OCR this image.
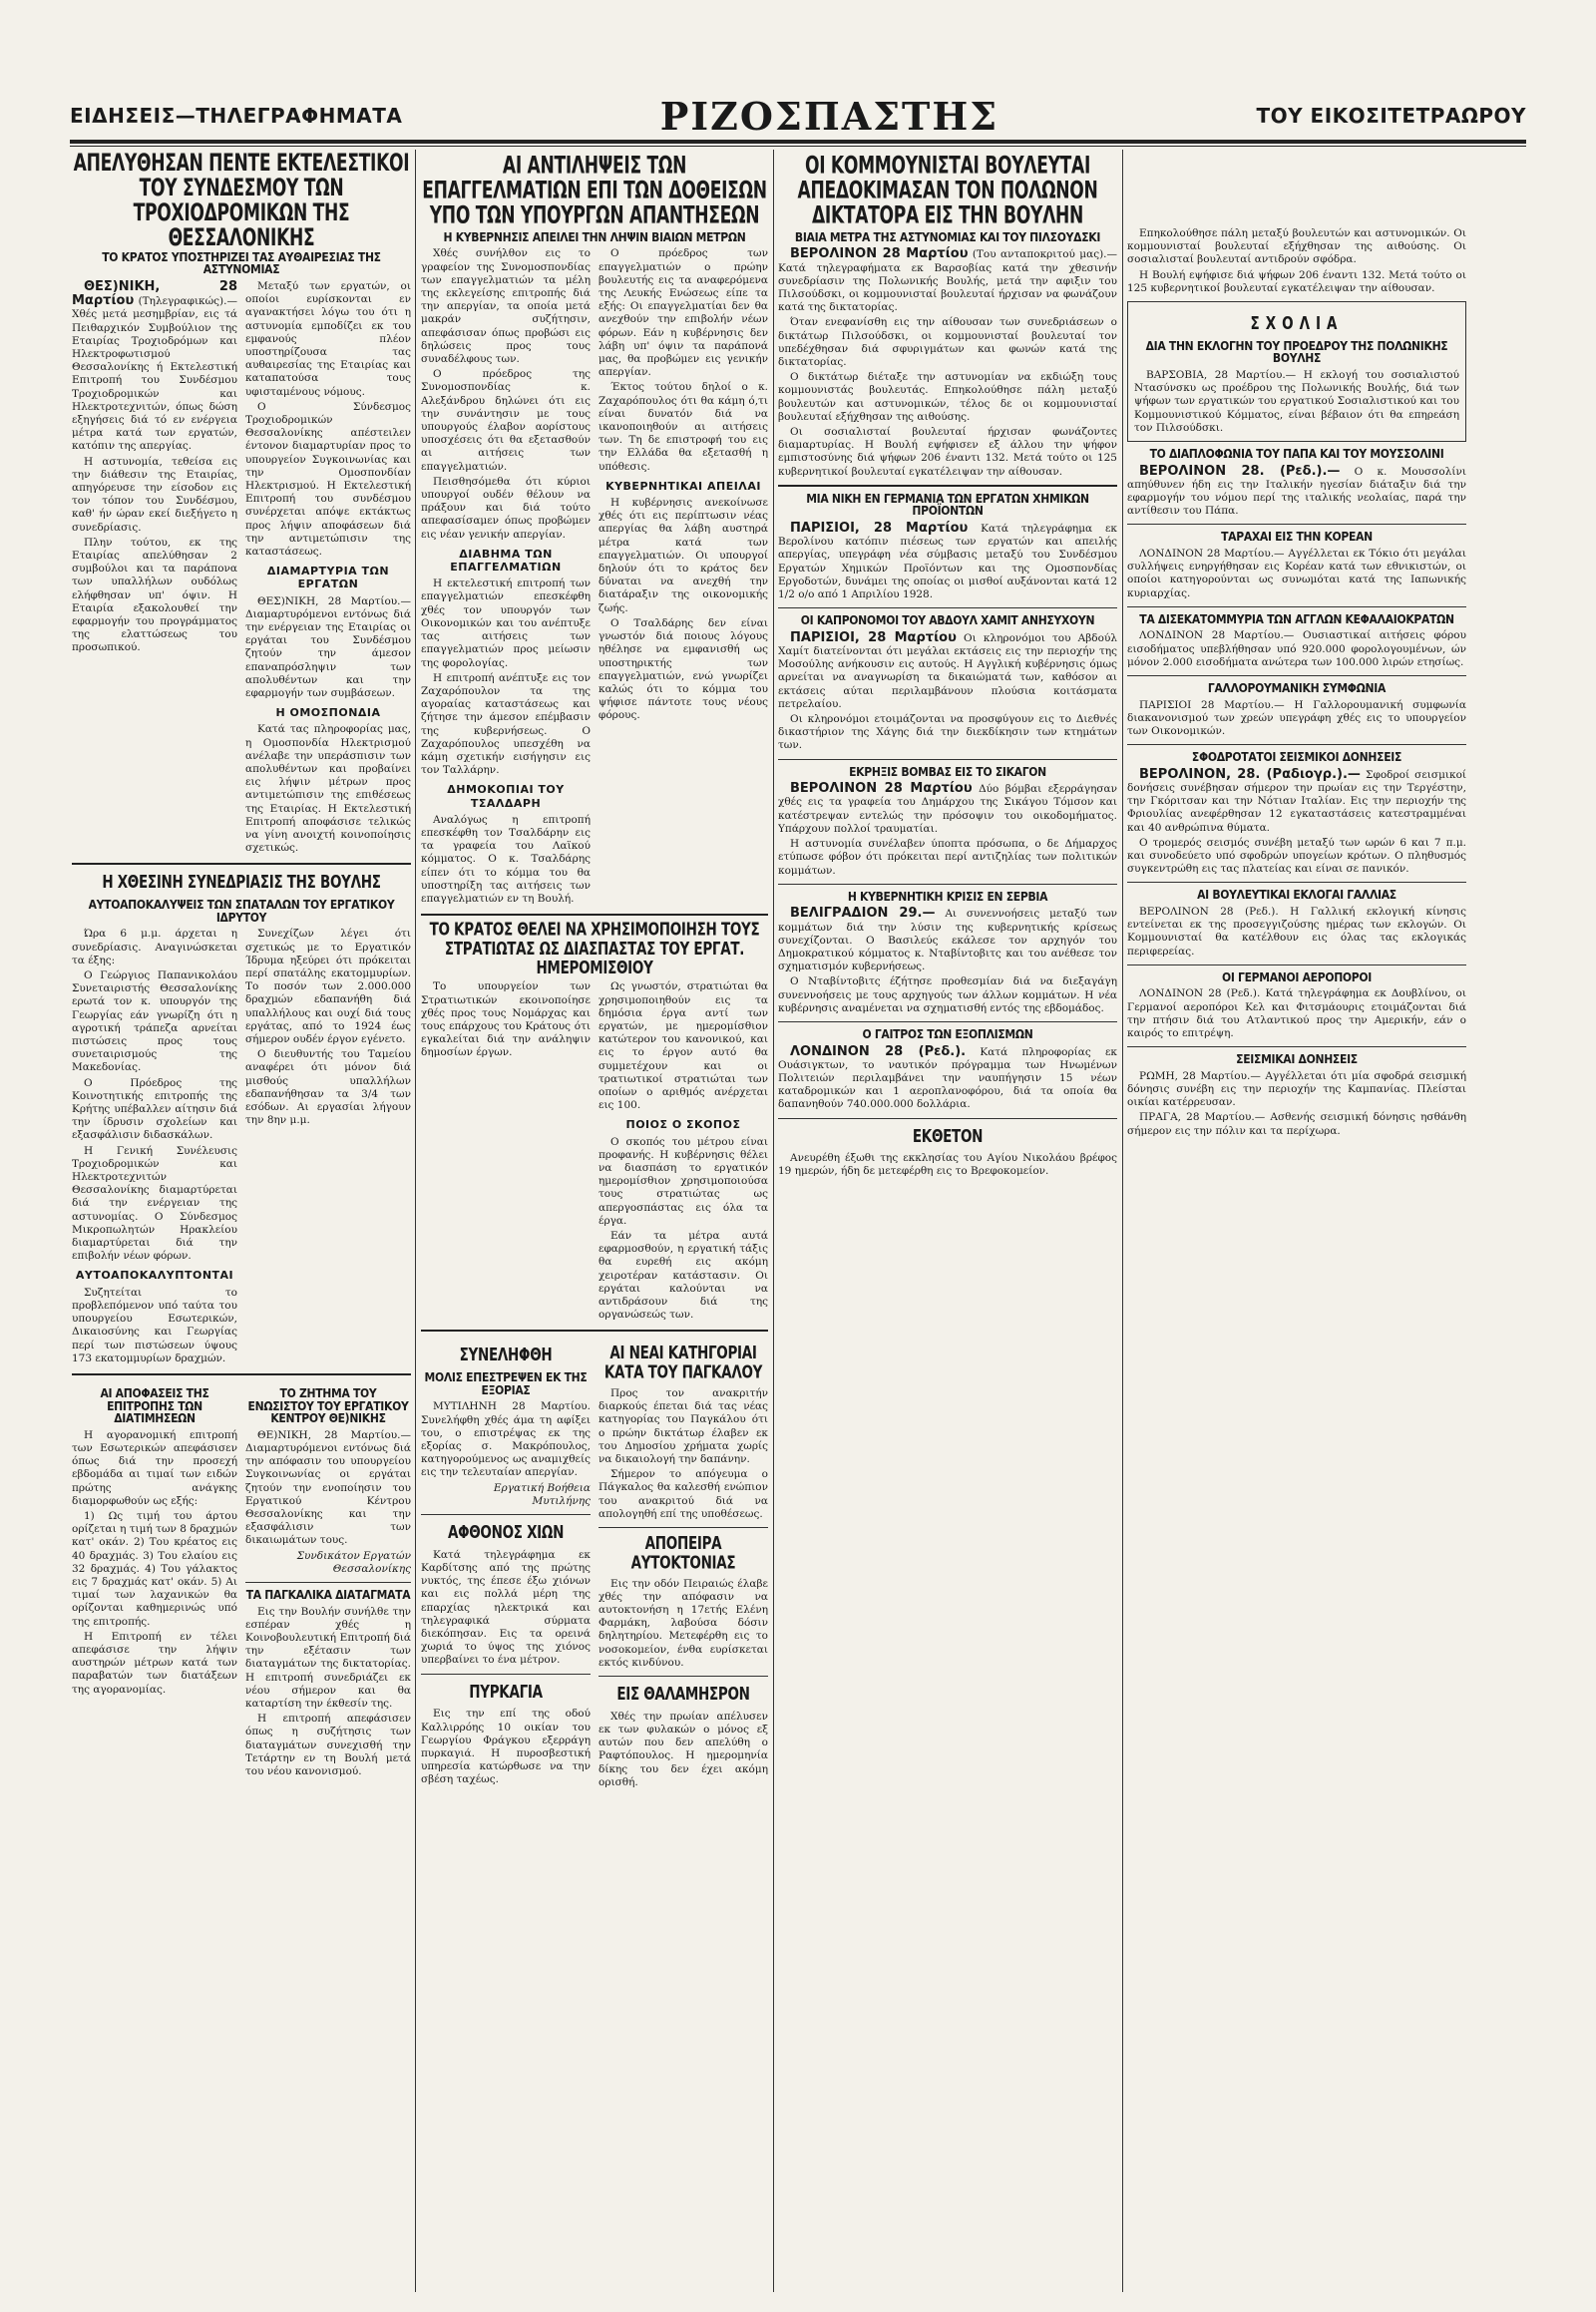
ΕΙΔΗΣΕΙΣ—ΤΗΛΕΓΡΑΦΗΜΑΤΑ	ΡΙΖΟΣΠΑΣΤΗΣ	ΤΟΥ ΕΙΚΟΣΙΤΕΤΡΑΩΡΟΥ
ΑΠΕΛΥΘΗΣΑΝ ΠΕΝΤΕ ΕΚΤΕΛΕΣΤΙΚΟΙ ΤΟΥ ΣΥΝΔΕΣΜΟΥ ΤΩΝ ΤΡΟΧΙΟΔΡΟΜΙΚΩΝ ΤΗΣ ΘΕΣΣΑΛΟΝΙΚΗΣ
ΤΟ ΚΡΑΤΟΣ ΥΠΟΣΤΗΡΙΖΕΙ ΤΑΣ ΑΥΘΑΙΡΕΣΙΑΣ ΤΗΣ ΑΣΤΥΝΟΜΙΑΣ

ΘΕΣ)ΝΙΚΗ, 28 Μαρτίου (Τηλεγραφικώς).— Χθές μετά μεσημβρίαν, εις τά Πειθαρχικόν Συμβούλιον της Εταιρίας Τροχιοδρόμων και Ηλεκτροφωτισμού Θεσσαλονίκης ή Εκτελεστική Επιτροπή του Συνδέσμου Τροχιοδρομικών και Ηλεκτροτεχνιτών, όπως δώση εξηγήσεις διά τό εν ενέργεια μέτρα κατά των εργατών, κατόπιν της απεργίας.

Η αστυνομία, τεθείσα εις την διάθεσιν της Εταιρίας, απηγόρευσε την είσοδον εις τον τόπον του Συνδέσμου, καθ' ήν ώραν εκεί διεξήγετο η συνεδρίασις.

Πλην τούτου, εκ της Εταιρίας απελύθησαν 2 συμβούλοι και τα παράπονα των υπαλλήλων ουδόλως ελήφθησαν υπ' όψιν. Η Εταιρία εξακολουθεί την εφαρμογήν του προγράμματος της ελαττώσεως του προσωπικού.

Μεταξύ των εργατών, οι οποίοι ευρίσκονται εν αγανακτήσει λόγω του ότι η αστυνομία εμποδίζει εκ του εμφανούς πλέον υποστηρίζουσα τας αυθαιρεσίας της Εταιρίας και καταπατούσα τους υφισταμένους νόμους.

Ο Σύνδεσμος Τροχιοδρομικών Θεσσαλονίκης απέστειλεν έντονον διαμαρτυρίαν προς το υπουργείον Συγκοινωνίας και την Ομοσπονδίαν Ηλεκτρισμού. Η Εκτελεστική Επιτροπή του συνδέσμου συνέρχεται απόψε εκτάκτως προς λήψιν αποφάσεων διά την αντιμετώπισιν της καταστάσεως.

ΔΙΑΜΑΡΤΥΡΙΑ ΤΩΝ ΕΡΓΑΤΩΝ

ΘΕΣ)ΝΙΚΗ, 28 Μαρτίου.— Διαμαρτυρόμενοι εντόνως διά την ενέργειαν της Εταιρίας οι εργάται του Συνδέσμου ζητούν την άμεσον επαναπρόσληψιν των απολυθέντων και την εφαρμογήν των συμβάσεων.

Η ΟΜΟΣΠΟΝΔΙΑ

Κατά τας πληροφορίας μας, η Ομοσπονδία Ηλεκτρισμού ανέλαβε την υπεράσπισιν των απολυθέντων και προβαίνει εις λήψιν μέτρων προς αντιμετώπισιν της επιθέσεως της Εταιρίας. Η Εκτελεστική Επιτροπή αποφάσισε τελικώς να γίνη ανοιχτή κοινοποίησις σχετικώς.

Η ΧΘΕΣΙΝΗ ΣΥΝΕΔΡΙΑΣΙΣ ΤΗΣ ΒΟΥΛΗΣ
ΑΥΤΟΑΠΟΚΑΛΥΨΕΙΣ ΤΩΝ ΣΠΑΤΑΛΩΝ ΤΟΥ ΕΡΓΑΤΙΚΟΥ ΙΔΡΥΤΟΥ

Ώρα 6 μ.μ. άρχεται η συνεδρίασις. Αναγινώσκεται τα έξης:

Ο Γεώργιος Παπανικολάου Συνεταιριστής Θεσσαλονίκης ερωτά τον κ. υπουργόν της Γεωργίας εάν γνωρίζη ότι η αγροτική τράπεζα αρνείται πιστώσεις προς τους συνεταιρισμούς της Μακεδονίας.

Ο Πρόεδρος της Κοινοτητικής επιτροπής της Κρήτης υπέβαλλεν αίτησιν διά την ίδρυσιν σχολείων και εξασφάλισιν διδασκάλων.

Η Γενική Συνέλευσις Τροχιοδρομικών και Ηλεκτροτεχνιτών Θεσσαλονίκης διαμαρτύρεται διά την ενέργειαν της αστυνομίας. Ο Σύνδεσμος Μικροπωλητών Ηρακλείου διαμαρτύρεται διά την επιβολήν νέων φόρων.

ΑΥΤΟΑΠΟΚΑΛΥΠΤΟΝΤΑΙ

Συζητείται το προβλεπόμενον υπό ταύτα του υπουργείου Εσωτερικών, Δικαιοσύνης και Γεωργίας περί των πιστώσεων ύψους 173 εκατομμυρίων δραχμών.

Συνεχίζων λέγει ότι σχετικώς με το Εργατικόν Ίδρυμα ηξεύρει ότι πρόκειται περί σπατάλης εκατομμυρίων. Το ποσόν των 2.000.000 δραχμών εδαπανήθη διά υπαλλήλους και ουχί διά τους εργάτας, από το 1924 έως σήμερον ουδέν έργον εγένετο.

Ο διευθυντής του Ταμείου αναφέρει ότι μόνον διά μισθούς υπαλλήλων εδαπανήθησαν τα 3/4 των εσόδων. Αι εργασίαι λήγουν την 8ην μ.μ.

ΑΙ ΑΠΟΦΑΣΕΙΣ ΤΗΣ ΕΠΙΤΡΟΠΗΣ ΤΩΝ ΔΙΑΤΙΜΗΣΕΩΝ

Η αγορανομική επιτροπή των Εσωτερικών απεφάσισεν όπως διά την προσεχή εβδομάδα αι τιμαί των ειδών πρώτης ανάγκης διαμορφωθούν ως εξής:

1) Ως τιμή του άρτου ορίζεται η τιμή των 8 δραχμών κατ' οκάν. 2) Του κρέατος εις 40 δραχμάς. 3) Του ελαίου εις 32 δραχμάς. 4) Του γάλακτος εις 7 δραχμάς κατ' οκάν. 5) Αι τιμαί των λαχανικών θα ορίζονται καθημερινώς υπό της επιτροπής.

Η Επιτροπή εν τέλει απεφάσισε την λήψιν αυστηρών μέτρων κατά των παραβατών των διατάξεων της αγορανομίας.

ΤΟ ΖΗΤΗΜΑ ΤΟΥ ΕΝΩΣΙΣΤΟΥ ΤΟΥ ΕΡΓΑΤΙΚΟΥ ΚΕΝΤΡΟΥ ΘΕ)ΝΙΚΗΣ

ΘΕ)ΝΙΚΗ, 28 Μαρτίου.— Διαμαρτυρόμενοι εντόνως διά την απόφασιν του υπουργείου Συγκοινωνίας οι εργάται ζητούν την ενοποίησιν του Εργατικού Κέντρου Θεσσαλονίκης και την εξασφάλισιν των δικαιωμάτων τους.

Συνδικάτον Εργατών Θεσσαλονίκης

ΤΑ ΠΑΓΚΑΛΙΚΑ ΔΙΑΤΑΓΜΑΤΑ

Εις την Βουλήν συνήλθε την εσπέραν χθές η Κοινοβουλευτική Επιτροπή διά την εξέτασιν των διαταγμάτων της δικτατορίας. Η επιτροπή συνεδριάζει εκ νέου σήμερον και θα καταρτίση την έκθεσίν της.

Η επιτροπή απεφάσισεν όπως η συζήτησις των διαταγμάτων συνεχισθή την Τετάρτην εν τη Βουλή μετά του νέου κανονισμού.

ΑΙ ΑΝΤΙΛΗΨΕΙΣ ΤΩΝ ΕΠΑΓΓΕΛΜΑΤΙΩΝ ΕΠΙ ΤΩΝ ΔΟΘΕΙΣΩΝ ΥΠΟ ΤΩΝ ΥΠΟΥΡΓΩΝ ΑΠΑΝΤΗΣΕΩΝ
Η ΚΥΒΕΡΝΗΣΙΣ ΑΠΕΙΛΕΙ ΤΗΝ ΛΗΨΙΝ ΒΙΑΙΩΝ ΜΕΤΡΩΝ

Χθές συνήλθον εις το γραφείον της Συνομοσπονδίας των επαγγελματιών τα μέλη της εκλεγείσης επιτροπής διά την απεργίαν, τα οποία μετά μακράν συζήτησιν, απεφάσισαν όπως προβώσι εις δηλώσεις προς τους συναδέλφους των.

Ο πρόεδρος της Συνομοσπονδίας κ. Αλεξάνδρου δηλώνει ότι εις την συνάντησιν με τους υπουργούς έλαβον αορίστους υποσχέσεις ότι θα εξετασθούν αι αιτήσεις των επαγγελματιών.

Πεισθησόμεθα ότι κύριοι υπουργοί ουδέν θέλουν να πράξουν και διά τούτο απεφασίσαμεν όπως προβώμεν εις νέαν γενικήν απεργίαν.

ΔΙΑΒΗΜΑ ΤΩΝ ΕΠΑΓΓΕΛΜΑΤΙΩΝ

Η εκτελεστική επιτροπή των επαγγελματιών επεσκέφθη χθές τον υπουργόν των Οικονομικών και του ανέπτυξε τας αιτήσεις των επαγγελματιών προς μείωσιν της φορολογίας.

Η επιτροπή ανέπτυξε εις τον Ζαχαρόπουλον τα της αγοραίας καταστάσεως και ζήτησε την άμεσον επέμβασιν της κυβερνήσεως. Ο Ζαχαρόπουλος υπεσχέθη να κάμη σχετικήν εισήγησιν εις τον Ταλλάρην.

ΔΗΜΟΚΟΠΙΑΙ ΤΟΥ ΤΣΑΛΔΑΡΗ

Αναλόγως η επιτροπή επεσκέφθη τον Τσαλδάρην εις τα γραφεία του Λαϊκού κόμματος. Ο κ. Τσαλδάρης είπεν ότι το κόμμα του θα υποστηρίξη τας αιτήσεις των επαγγελματιών εν τη Βουλή.

Ο πρόεδρος των επαγγελματιών ο πρώην βουλευτής εις τα αναφερόμενα της Λευκής Ενώσεως είπε τα εξής: Οι επαγγελματίαι δεν θα ανεχθούν την επιβολήν νέων φόρων. Εάν η κυβέρνησις δεν λάβη υπ' όψιν τα παράπονά μας, θα προβώμεν εις γενικήν απεργίαν.

Έκτος τούτου δηλοί ο κ. Ζαχαρόπουλος ότι θα κάμη ό,τι είναι δυνατόν διά να ικανοποιηθούν αι αιτήσεις των. Τη δε επιστροφή του εις την Ελλάδα θα εξετασθή η υπόθεσις.

ΚΥΒΕΡΝΗΤΙΚΑΙ ΑΠΕΙΛΑΙ

Η κυβέρνησις ανεκοίνωσε χθές ότι εις περίπτωσιν νέας απεργίας θα λάβη αυστηρά μέτρα κατά των επαγγελματιών. Οι υπουργοί δηλούν ότι το κράτος δεν δύναται να ανεχθή την διατάραξιν της οικονομικής ζωής.

Ο Τσαλδάρης δεν είναι γνωστόν διά ποιους λόγους ηθέλησε να εμφανισθή ως υποστηρικτής των επαγγελματιών, ενώ γνωρίζει καλώς ότι το κόμμα του ψήφισε πάντοτε τους νέους φόρους.

ΤΟ ΚΡΑΤΟΣ ΘΕΛΕΙ ΝΑ ΧΡΗΣΙΜΟΠΟΙΗΣΗ ΤΟΥΣ ΣΤΡΑΤΙΩΤΑΣ ΩΣ ΔΙΑΣΠΑΣΤΑΣ ΤΟΥ ΕΡΓΑΤ. ΗΜΕΡΟΜΙΣΘΙΟΥ

Το υπουργείον των Στρατιωτικών εκοινοποίησε χθές προς τους Νομάρχας και τους επάρχους του Κράτους ότι εγκαλείται διά την ανάληψιν δημοσίων έργων.

Ως γνωστόν, στρατιώται θα χρησιμοποιηθούν εις τα δημόσια έργα αντί των εργατών, με ημερομίσθιον κατώτερον του κανονικού, και εις το έργον αυτό θα συμμετέχουν και οι τρατιωτικοί στρατιώται των οποίων ο αριθμός ανέρχεται εις 100.

ΠΟΙΟΣ Ο ΣΚΟΠΟΣ

Ο σκοπός του μέτρου είναι προφανής. Η κυβέρνησις θέλει να διασπάση το εργατικόν ημερομίσθιον χρησιμοποιούσα τους στρατιώτας ως απεργοσπάστας εις όλα τα έργα.

Εάν τα μέτρα αυτά εφαρμοσθούν, η εργατική τάξις θα ευρεθή εις ακόμη χειροτέραν κατάστασιν. Οι εργάται καλούνται να αντιδράσουν διά της οργανώσεώς των.

ΣΥΝΕΛΗΦΘΗ
ΜΟΛΙΣ ΕΠΕΣΤΡΕΨΕΝ ΕΚ ΤΗΣ ΕΞΟΡΙΑΣ

ΜΥΤΙΛΗΝΗ 28 Μαρτίου. Συνελήφθη χθές άμα τη αφίξει του, ο επιστρέψας εκ της εξορίας σ. Μακρόπουλος, κατηγορούμενος ως αναμιχθείς εις την τελευταίαν απεργίαν.

Εργατική Βοήθεια Μυτιλήνης

ΑΦΘΟΝΟΣ ΧΙΩΝ

Κατά τηλεγράφημα εκ Καρδίτσης από της πρώτης νυκτός, της έπεσε έξω χιόνων και εις πολλά μέρη της επαρχίας ηλεκτρικά και τηλεγραφικά σύρματα διεκόπησαν. Εις τα ορεινά χωριά το ύψος της χιόνος υπερβαίνει το ένα μέτρον.

ΠΥΡΚΑΓΙΑ

Εις την επί της οδού Καλλιρρόης 10 οικίαν του Γεωργίου Φράγκου εξερράγη πυρκαγιά. Η πυροσβεστική υπηρεσία κατώρθωσε να την σβέση ταχέως.

ΑΙ ΝΕΑΙ ΚΑΤΗΓΟΡΙΑΙ ΚΑΤΑ ΤΟΥ ΠΑΓΚΑΛΟΥ

Προς τον ανακριτήν διαρκούς έπεται διά τας νέας κατηγορίας του Παγκάλου ότι ο πρώην δικτάτωρ έλαβεν εκ του Δημοσίου χρήματα χωρίς να δικαιολογή την δαπάνην.

Σήμερον το απόγευμα ο Πάγκαλος θα καλεσθή ενώπιον του ανακριτού διά να απολογηθή επί της υποθέσεως.

ΑΠΟΠΕΙΡΑ ΑΥΤΟΚΤΟΝΙΑΣ

Εις την οδόν Πειραιώς έλαβε χθές την απόφασιν να αυτοκτονήση η 17ετής Ελένη Φαρμάκη, λαβούσα δόσιν δηλητηρίου. Μετεφέρθη εις το νοσοκομείον, ένθα ευρίσκεται εκτός κινδύνου.

ΕΙΣ ΘΑΛΑΜΗΣΡΟΝ

Χθές την πρωίαν απέλυσεν εκ των φυλακών ο μόνος εξ αυτών που δεν απελύθη ο Ραφτόπουλος. Η ημερομηνία δίκης του δεν έχει ακόμη ορισθή.

ΟΙ ΚΟΜΜΟΥΝΙΣΤΑΙ ΒΟΥΛΕΥΤΑΙ ΑΠΕΔΟΚΙΜΑΣΑΝ ΤΟΝ ΠΟΛΩΝΟΝ ΔΙΚΤΑΤΟΡΑ ΕΙΣ ΤΗΝ ΒΟΥΛΗΝ
ΒΙΑΙΑ ΜΕΤΡΑ ΤΗΣ ΑΣΤΥΝΟΜΙΑΣ ΚΑΙ ΤΟΥ ΠΙΛΣΟΥΔΣΚΙ

ΒΕΡΟΛΙΝΟΝ 28 Μαρτίου (Του ανταποκριτού μας).— Κατά τηλεγραφήματα εκ Βαρσοβίας κατά την χθεσινήν συνεδρίασιν της Πολωνικής Βουλής, μετά την αφιξιν του Πιλσούδσκι, οι κομμουνισταί βουλευταί ήρχισαν να φωνάζουν κατά της δικτατορίας.

Όταν ενεφανίσθη εις την αίθουσαν των συνεδριάσεων ο δικτάτωρ Πιλσούδσκι, οι κομμουνισταί βουλευταί τον υπεδέχθησαν διά σφυριγμάτων και φωνών κατά της δικτατορίας.

Ο δικτάτωρ διέταξε την αστυνομίαν να εκδιώξη τους κομμουνιστάς βουλευτάς. Επηκολούθησε πάλη μεταξύ βουλευτών και αστυνομικών, τέλος δε οι κομμουνισταί βουλευταί εξήχθησαν της αιθούσης.

Οι σοσιαλισταί βουλευταί ήρχισαν φωνάζοντες διαμαρτυρίας. Η Βουλή εψήφισεν εξ άλλου την ψήφον εμπιστοσύνης διά ψήφων 206 έναντι 132. Μετά τούτο οι 125 κυβερνητικοί βουλευταί εγκατέλειψαν την αίθουσαν.

ΜΙΑ ΝΙΚΗ ΕΝ ΓΕΡΜΑΝΙΑ ΤΩΝ ΕΡΓΑΤΩΝ ΧΗΜΙΚΩΝ ΠΡΟΪΟΝΤΩΝ

ΠΑΡΙΣΙΟΙ, 28 Μαρτίου Κατά τηλεγράφημα εκ Βερολίνου κατόπιν πιέσεως των εργατών και απειλής απεργίας, υπεγράφη νέα σύμβασις μεταξύ του Συνδέσμου Εργατών Χημικών Προϊόντων και της Ομοσπονδίας Εργοδοτών, δυνάμει της οποίας οι μισθοί αυξάνονται κατά 12 1/2 ο/ο από 1 Απριλίου 1928.

ΟΙ ΚΑΠΡΟΝΟΜΟΙ ΤΟΥ ΑΒΔΟΥΛ ΧΑΜΙΤ ΑΝΗΣΥΧΟΥΝ

ΠΑΡΙΣΙΟΙ, 28 Μαρτίου Οι κληρονόμοι του Αβδούλ Χαμίτ διατείνονται ότι μεγάλαι εκτάσεις εις την περιοχήν της Μοσούλης ανήκουσιν εις αυτούς. Η Αγγλική κυβέρνησις όμως αρνείται να αναγνωρίση τα δικαιώματά των, καθόσον αι εκτάσεις αύται περιλαμβάνουν πλούσια κοιτάσματα πετρελαίου.

Οι κληρονόμοι ετοιμάζονται να προσφύγουν εις το Διεθνές δικαστήριον της Χάγης διά την διεκδίκησιν των κτημάτων των.

ΕΚΡΗΞΙΣ ΒΟΜΒΑΣ ΕΙΣ ΤΟ ΣΙΚΑΓΟΝ

ΒΕΡΟΛΙΝΟΝ 28 Μαρτίου Δύο βόμβαι εξερράγησαν χθές εις τα γραφεία του Δημάρχου της Σικάγου Τόμσον και κατέστρεψαν εντελώς την πρόσοψιν του οικοδομήματος. Υπάρχουν πολλοί τραυματίαι.

Η αστυνομία συνέλαβεν ύποπτα πρόσωπα, ο δε Δήμαρχος ετύπωσε φόβον ότι πρόκειται περί αντιζηλίας των πολιτικών κομμάτων.

Η ΚΥΒΕΡΝΗΤΙΚΗ ΚΡΙΣΙΣ ΕΝ ΣΕΡΒΙΑ

ΒΕΛΙΓΡΑΔΙΟΝ 29.— Αι συνεννοήσεις μεταξύ των κομμάτων διά την λύσιν της κυβερνητικής κρίσεως συνεχίζονται. Ο Βασιλεύς εκάλεσε τον αρχηγόν του Δημοκρατικού κόμματος κ. Νταβίντοβιτς και του ανέθεσε τον σχηματισμόν κυβερνήσεως.

Ο Νταβίντοβιτς έζήτησε προθεσμίαν διά να διεξαγάγη συνεννοήσεις με τους αρχηγούς των άλλων κομμάτων. Η νέα κυβέρνησις αναμένεται να σχηματισθή εντός της εβδομάδος.

Ο ΓΑΙΤΡΟΣ ΤΩΝ ΕΞΟΠΛΙΣΜΩΝ

ΛΟΝΔΙΝΟΝ 28 (Ρεδ.). Κατά πληροφορίας εκ Ουάσιγκτων, το ναυτικόν πρόγραμμα των Ηνωμένων Πολιτειών περιλαμβάνει την ναυπήγησιν 15 νέων καταδρομικών και 1 αεροπλανοφόρου, διά τα οποία θα δαπανηθούν 740.000.000 δολλάρια.

ΕΚΘΕΤΟΝ

Ανευρέθη έξωθι της εκκλησίας του Αγίου Νικολάου βρέφος 19 ημερών, ήδη δε μετεφέρθη εις το Βρεφοκομείον.

Επηκολούθησε πάλη μεταξύ βουλευτών και αστυνομικών. Οι κομμουνισταί βουλευταί εξήχθησαν της αιθούσης. Οι σοσιαλισταί βουλευταί αντιδρούν σφόδρα.

Η Βουλή εψήφισε διά ψήφων 206 έναντι 132. Μετά τούτο οι 125 κυβερνητικοί βουλευταί εγκατέλειψαν την αίθουσαν.

ΣΧΟΛΙΑ
ΔΙΑ ΤΗΝ ΕΚΛΟΓΗΝ ΤΟΥ ΠΡΟΕΔΡΟΥ ΤΗΣ ΠΟΛΩΝΙΚΗΣ ΒΟΥΛΗΣ

ΒΑΡΣΟΒΙΑ, 28 Μαρτίου.— Η εκλογή του σοσιαλιστού Ντασύνσκυ ως προέδρου της Πολωνικής Βουλής, διά των ψήφων των εργατικών του εργατικού Σοσιαλιστικού και του Κομμουνιστικού Κόμματος, είναι βέβαιον ότι θα επηρεάση τον Πιλσούδσκι.

ΤΟ ΔΙΑΠΛΟΦΩΝΙΑ ΤΟΥ ΠΑΠΑ ΚΑΙ ΤΟΥ ΜΟΥΣΣΟΛΙΝΙ

ΒΕΡΟΛΙΝΟΝ 28. (Ρεδ.).— Ο κ. Μουσσολίνι απηύθυνεν ήδη εις την Ιταλικήν ηγεσίαν διάταξιν διά την εφαρμογήν του νόμου περί της ιταλικής νεολαίας, παρά την αντίθεσιν του Πάπα.

ΤΑΡΑΧΑΙ ΕΙΣ ΤΗΝ ΚΟΡΕΑΝ

ΛΟΝΔΙΝΟΝ 28 Μαρτίου.— Αγγέλλεται εκ Τόκιο ότι μεγάλαι συλλήψεις ενηργήθησαν εις Κορέαν κατά των εθνικιστών, οι οποίοι κατηγορούνται ως συνωμόται κατά της Ιαπωνικής κυριαρχίας.

ΤΑ ΔΙΣΕΚΑΤΟΜΜΥΡΙΑ ΤΩΝ ΑΓΓΛΩΝ ΚΕΦΑΛΑΙΟΚΡΑΤΩΝ

ΛΟΝΔΙΝΟΝ 28 Μαρτίου.— Ουσιαστικαί αιτήσεις φόρου εισοδήματος υπεβλήθησαν υπό 920.000 φορολογουμένων, ών μόνον 2.000 εισοδήματα ανώτερα των 100.000 λιρών ετησίως.

ΓΑΛΛΟΡΟΥΜΑΝΙΚΗ ΣΥΜΦΩΝΙΑ

ΠΑΡΙΣΙΟΙ 28 Μαρτίου.— Η Γαλλορουμανική συμφωνία διακανονισμού των χρεών υπεγράφη χθές εις το υπουργείον των Οικονομικών.

ΣΦΟΔΡΟΤΑΤΟΙ ΣΕΙΣΜΙΚΟΙ ΔΟΝΗΣΕΙΣ

ΒΕΡΟΛΙΝΟΝ, 28. (Ραδιογρ.).— Σφοδροί σεισμικοί δονήσεις συνέβησαν σήμερον την πρωίαν εις την Τεργέστην, την Γκόριτσαν και την Νότιαν Ιταλίαν. Εις την περιοχήν της Φριουλίας ανεφέρθησαν 12 εγκαταστάσεις κατεστραμμέναι και 40 ανθρώπινα θύματα.

Ο τρομερός σεισμός συνέβη μεταξύ των ωρών 6 και 7 π.μ. και συνοδεύετο υπό σφοδρών υπογείων κρότων. Ο πληθυσμός συγκεντρώθη εις τας πλατείας και είναι σε πανικόν.

ΑΙ ΒΟΥΛΕΥΤΙΚΑΙ ΕΚΛΟΓΑΙ ΓΑΛΛΙΑΣ

ΒΕΡΟΛΙΝΟΝ 28 (Ρεδ.). Η Γαλλική εκλογική κίνησις εντείνεται εκ της προσεγγιζούσης ημέρας των εκλογών. Οι Κομμουνισταί θα κατέλθουν εις όλας τας εκλογικάς περιφερείας.

ΟΙ ΓΕΡΜΑΝΟΙ ΑΕΡΟΠΟΡΟΙ

ΛΟΝΔΙΝΟΝ 28 (Ρεδ.). Κατά τηλεγράφημα εκ Δουβλίνου, οι Γερμανοί αεροπόροι Κελ και Φιτσμάουρις ετοιμάζονται διά την πτήσιν διά του Ατλαντικού προς την Αμερικήν, εάν ο καιρός το επιτρέψη.

ΣΕΙΣΜΙΚΑΙ ΔΟΝΗΣΕΙΣ

ΡΩΜΗ, 28 Μαρτίου.— Αγγέλλεται ότι μία σφοδρά σεισμική δόνησις συνέβη εις την περιοχήν της Καμπανίας. Πλείσται οικίαι κατέρρευσαν.

ΠΡΑΓΑ, 28 Μαρτίου.— Ασθενής σεισμική δόνησις ησθάνθη σήμερον εις την πόλιν και τα περίχωρα.
